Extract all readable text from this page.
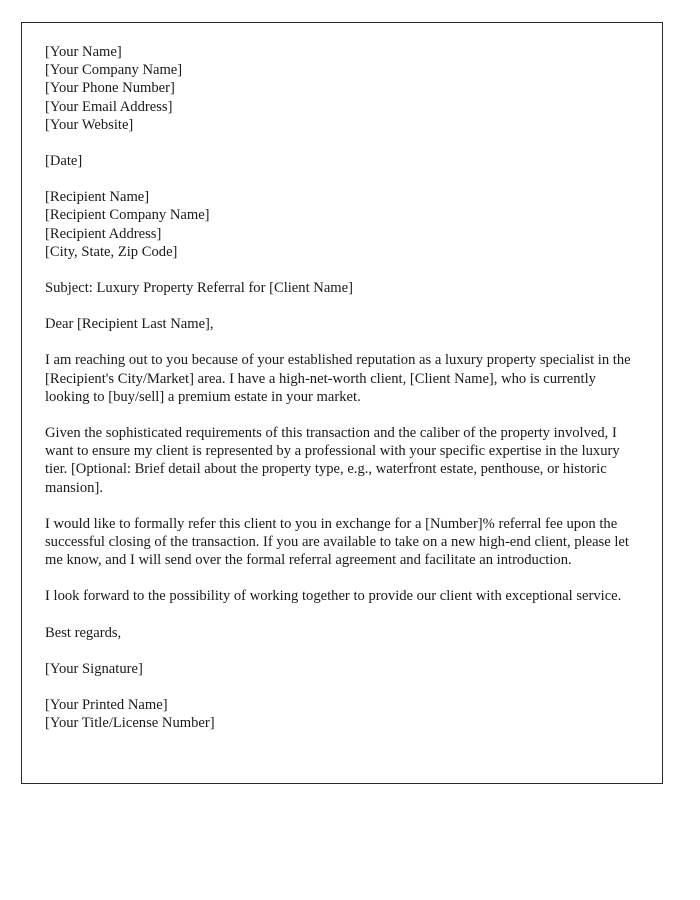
[Your Name]
[Your Company Name]
[Your Phone Number]
[Your Email Address]
[Your Website]
[Date]
[Recipient Name]
[Recipient Company Name]
[Recipient Address]
[City, State, Zip Code]
Subject: Luxury Property Referral for [Client Name]
Dear [Recipient Last Name],

I am reaching out to you because of your established reputation as a luxury property specialist in the [Recipient's City/Market] area. I have a high-net-worth client, [Client Name], who is currently looking to [buy/sell] a premium estate in your market.

Given the sophisticated requirements of this transaction and the caliber of the property involved, I want to ensure my client is represented by a professional with your specific expertise in the luxury tier. [Optional: Brief detail about the property type, e.g., waterfront estate, penthouse, or historic mansion].

I would like to formally refer this client to you in exchange for a [Number]% referral fee upon the successful closing of the transaction. If you are available to take on a new high-end client, please let me know, and I will send over the formal referral agreement and facilitate an introduction.

I look forward to the possibility of working together to provide our client with exceptional service.

Best regards,
[Your Signature]
[Your Printed Name]
[Your Title/License Number]
